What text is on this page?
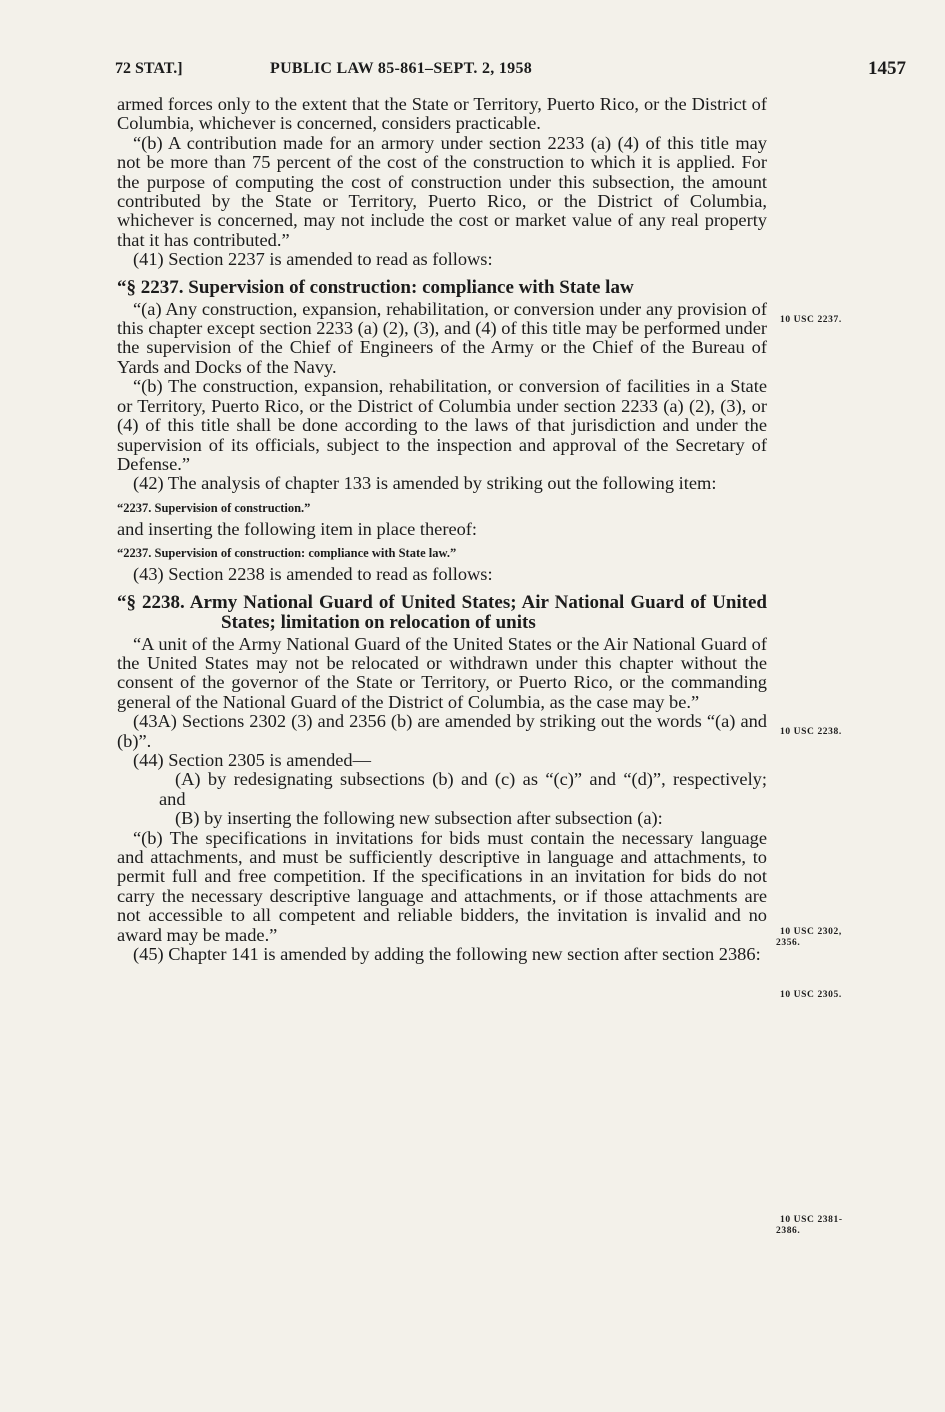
72 STAT.]	PUBLIC LAW 85-861–SEPT. 2, 1958	1457

armed forces only to the extent that the State or Territory, Puerto Rico, or the District of Columbia, whichever is concerned, considers practicable.

“(b) A contribution made for an armory under section 2233 (a) (4) of this title may not be more than 75 percent of the cost of the construction to which it is applied. For the purpose of computing the cost of construction under this subsection, the amount contributed by the State or Territory, Puerto Rico, or the District of Columbia, whichever is concerned, may not include the cost or market value of any real property that it has contributed.”

(41) Section 2237 is amended to read as follows:

“§ 2237. Supervision of construction: compliance with State law

“(a) Any construction, expansion, rehabilitation, or conversion under any provision of this chapter except section 2233 (a) (2), (3), and (4) of this title may be performed under the supervision of the Chief of Engineers of the Army or the Chief of the Bureau of Yards and Docks of the Navy.

“(b) The construction, expansion, rehabilitation, or conversion of facilities in a State or Territory, Puerto Rico, or the District of Columbia under section 2233 (a) (2), (3), or (4) of this title shall be done according to the laws of that jurisdiction and under the supervision of its officials, subject to the inspection and approval of the Secretary of Defense.”

(42) The analysis of chapter 133 is amended by striking out the following item:

“2237. Supervision of construction.”

and inserting the following item in place thereof:

“2237. Supervision of construction: compliance with State law.”

(43) Section 2238 is amended to read as follows:

“§ 2238. Army National Guard of United States; Air National Guard of United States; limitation on relocation of units

“A unit of the Army National Guard of the United States or the Air National Guard of the United States may not be relocated or withdrawn under this chapter without the consent of the governor of the State or Territory, or Puerto Rico, or the commanding general of the National Guard of the District of Columbia, as the case may be.”

(43A) Sections 2302 (3) and 2356 (b) are amended by striking out the words “(a) and (b)”.

(44) Section 2305 is amended—

(A) by redesignating subsections (b) and (c) as “(c)” and “(d)”, respectively; and

(B) by inserting the following new subsection after subsection (a):

“(b) The specifications in invitations for bids must contain the necessary language and attachments, and must be sufficiently descriptive in language and attachments, to permit full and free competition. If the specifications in an invitation for bids do not carry the necessary descriptive language and attachments, or if those attachments are not accessible to all competent and reliable bidders, the invitation is invalid and no award may be made.”

(45) Chapter 141 is amended by adding the following new section after section 2386:

10 USC 2237.
10 USC 2238.
10 USC 2302,
2356.
10 USC 2305.
10 USC 2381-
2386.
